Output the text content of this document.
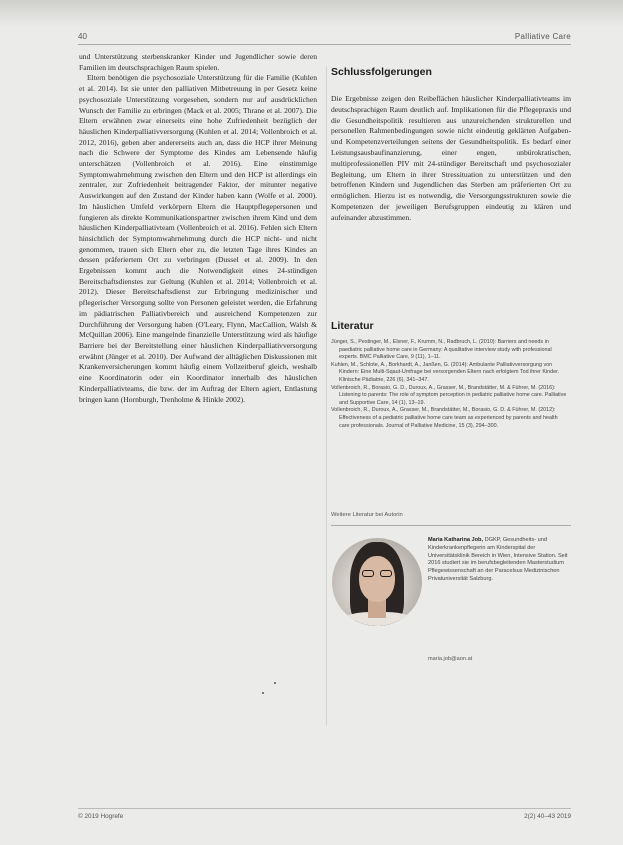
40	Palliative Care

und Unterstützung sterbenskranker Kinder und Jugendlicher sowie deren Familien im deutschsprachigen Raum spielen.

Eltern benötigen die psychosoziale Unterstützung für die Familie (Kuhlen et al. 2014). Ist sie unter den palliativen Mitbetreuung in per Gesetz keine psychosoziale Unterstützung vorgesehen, sondern nur auf ausdrücklichen Wunsch der Familie zu erbringen (Mack et al. 2005; Thrane et al. 2007). Die Eltern erwähnen zwar einerseits eine hohe Zufriedenheit bezüglich der häuslichen Kinderpalliativversorgung (Kuhlen et al. 2014; Vollenbroich et al. 2012, 2016), geben aber andererseits auch an, dass die HCP ihrer Meinung nach die Schwere der Symptome des Kindes am Lebensende häufig unterschätzen (Vollenbroich et al. 2016). Eine einstimmige Symptomwahrnehmung zwischen den Eltern und den HCP ist allerdings ein zentraler, zur Zufriedenheit beitragender Faktor, der mitunter negative Auswirkungen auf den Zustand der Kinder haben kann (Wolfe et al. 2000). Im häuslichen Umfeld verkörpern Eltern die Hauptpflegepersonen und fungieren als direkte Kommunikationspartner zwischen ihrem Kind und dem häuslichen Kinderpalliativteam (Vollenbroich et al. 2016). Fehlen sich Eltern hinsichtlich der Symptomwahrnehmung durch die HCP nicht- und nicht genommen, trauen sich Eltern eher zu, die letzten Tage ihres Kindes an dessen präferiertem Ort zu verbringen (Dussel et al. 2009). In den Ergebnissen kommt auch die Notwendigkeit eines 24-stündigen Bereitschaftsdienstes zur Geltung (Kuhlen et al. 2014; Vollenbroich et al. 2012). Dieser Bereitschaftsdienst zur Erbringung medizinischer und pflegerischer Versorgung sollte von Personen geleistet werden, die Erfahrung im pädiatrischen Palliativbereich und ausreichend Kompetenzen zur Durchführung der Versorgung haben (O'Leary, Flynn, MacCallion, Walsh & McQuillan 2006). Eine mangelnde finanzielle Unterstützung wird als häufige Barriere bei der Bereitstellung einer häuslichen Kinderpalliativversorgung erwähnt (Jünger et al. 2010). Der Aufwand der alltäglichen Diskussionen mit Krankenversicherungen kommt häufig einem Vollzeitberuf gleich, weshalb eine Koordinatorin oder ein Koordinator innerhalb des häuslichen Kinderpalliativteams, die bzw. der im Auftrag der Eltern agiert, Entlastung bringen kann (Hornburgh, Trenholme & Hinkle 2002).

Schlussfolgerungen

Die Ergebnisse zeigen den Reibeflächen häuslicher Kinderpalliativteams im deutschsprachigen Raum deutlich auf. Implikationen für die Pflegepraxis und die Gesundheitspolitik resultieren aus unzureichenden strukturellen und personellen Rahmenbedingungen sowie nicht eindeutig geklärten Aufgaben- und Kompetenzverteilungen seitens der Gesundheitspolitik. Es bedarf einer Leistungsausbaufinanzierung, einer engen, unbürokratischen, multiprofessionellen PIV mit 24-stündiger Bereitschaft und psychosozialer Begleitung, um Eltern in ihrer Stressituation zu unterstützen und den betroffenen Kindern und Jugendlichen das Sterben am präferierten Ort zu ermöglichen. Hierzu ist es notwendig, die Versorgungsstrukturen sowie die Kompetenzen der jeweiligen Berufsgruppen eindeutig zu klären und aufeinander abzustimmen.

Literatur

Jünger, S., Pestinger, M., Elsner, F., Krumm, N., Radbruch, L. (2010): Barriers and needs in paediatric palliative home care in Germany: A qualitative interview study with professional experts. BMC Palliative Care, 9 (11), 1–11.

Kuhlen, M., Schlote, A., Borkhardt, A., Janßen, G. (2014): Ambulante Palliativversorgung von Kindern: Eine Multi-Sqaut-Umfrage bei versorgenden Eltern nach erfolgtem Tod ihrer Kinder. Klinische Pädiatrie, 226 (6), 341–347.

Vollenbroich, R., Borasio, G. D., Duroux, A., Grasser, M., Brandstätter, M. & Führer, M. (2016): Listening to parents: The role of symptom perception in pediatric palliative home care. Palliative and Supportive Care, 14 (1), 13–19.

Vollenbroich, R., Duroux, A., Grasser, M., Brandstätter, M., Borasio, G. D. & Führer, M. (2012): Effectiveness of a pediatric palliative home care team as experienced by parents and health care professionals. Journal of Palliative Medicine, 15 (3), 294–300.

Weitere Literatur bei Autorin
Maria Katharina Job, DGKP, Gesundheits- und Kinderkrankenpflegerin am Kinderspital der Universitätsklinik Bereich in Wien, Intensive Station. Seit 2016 studiert sie im berufsbegleitenden Masterstudium Pflegewissenschaft an der Paracelsus Medizinischen Privatuniversität Salzburg.
maria.job@aon.at
© 2019 Hogrefe	2(2) 40–43 2019
